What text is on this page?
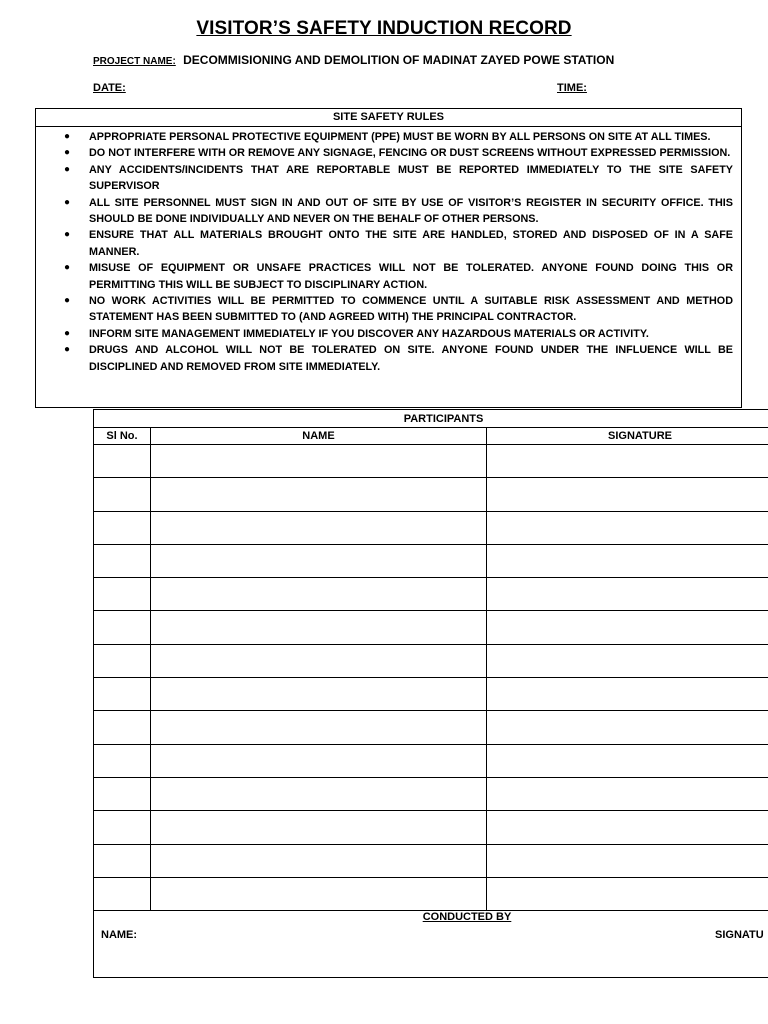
VISITOR’S SAFETY INDUCTION RECORD
PROJECT NAME: DECOMMISIONING AND DEMOLITION OF MADINAT ZAYED POWE STATION
DATE:	TIME:
SITE SAFETY RULES
● APPROPRIATE PERSONAL PROTECTIVE EQUIPMENT (PPE) MUST BE WORN BY ALL PERSONS ON SITE AT ALL TIMES.
● DO NOT INTERFERE WITH OR REMOVE ANY SIGNAGE, FENCING OR DUST SCREENS WITHOUT EXPRESSED PERMISSION.
● ANY ACCIDENTS/INCIDENTS THAT ARE REPORTABLE MUST BE REPORTED IMMEDIATELY TO THE SITE SAFETY SUPERVISOR
● ALL SITE PERSONNEL MUST SIGN IN AND OUT OF SITE BY USE OF VISITOR’S REGISTER IN SECURITY OFFICE. THIS SHOULD BE DONE INDIVIDUALLY AND NEVER ON THE BEHALF OF OTHER PERSONS.
● ENSURE THAT ALL MATERIALS BROUGHT ONTO THE SITE ARE HANDLED, STORED AND DISPOSED OF IN A SAFE MANNER.
● MISUSE OF EQUIPMENT OR UNSAFE PRACTICES WILL NOT BE TOLERATED. ANYONE FOUND DOING THIS OR PERMITTING THIS WILL BE SUBJECT TO DISCIPLINARY ACTION.
● NO WORK ACTIVITIES WILL BE PERMITTED TO COMMENCE UNTIL A SUITABLE RISK ASSESSMENT AND METHOD STATEMENT HAS BEEN SUBMITTED TO (AND AGREED WITH) THE PRINCIPAL CONTRACTOR.
● INFORM SITE MANAGEMENT IMMEDIATELY IF YOU DISCOVER ANY HAZARDOUS MATERIALS OR ACTIVITY.
● DRUGS AND ALCOHOL WILL NOT BE TOLERATED ON SITE. ANYONE FOUND UNDER THE INFLUENCE WILL BE DISCIPLINED AND REMOVED FROM SITE IMMEDIATELY.
PARTICIPANTS		
Sl No.	NAME	SIGNATURE

CONDUCTED BY
NAME:	SIGNATU
